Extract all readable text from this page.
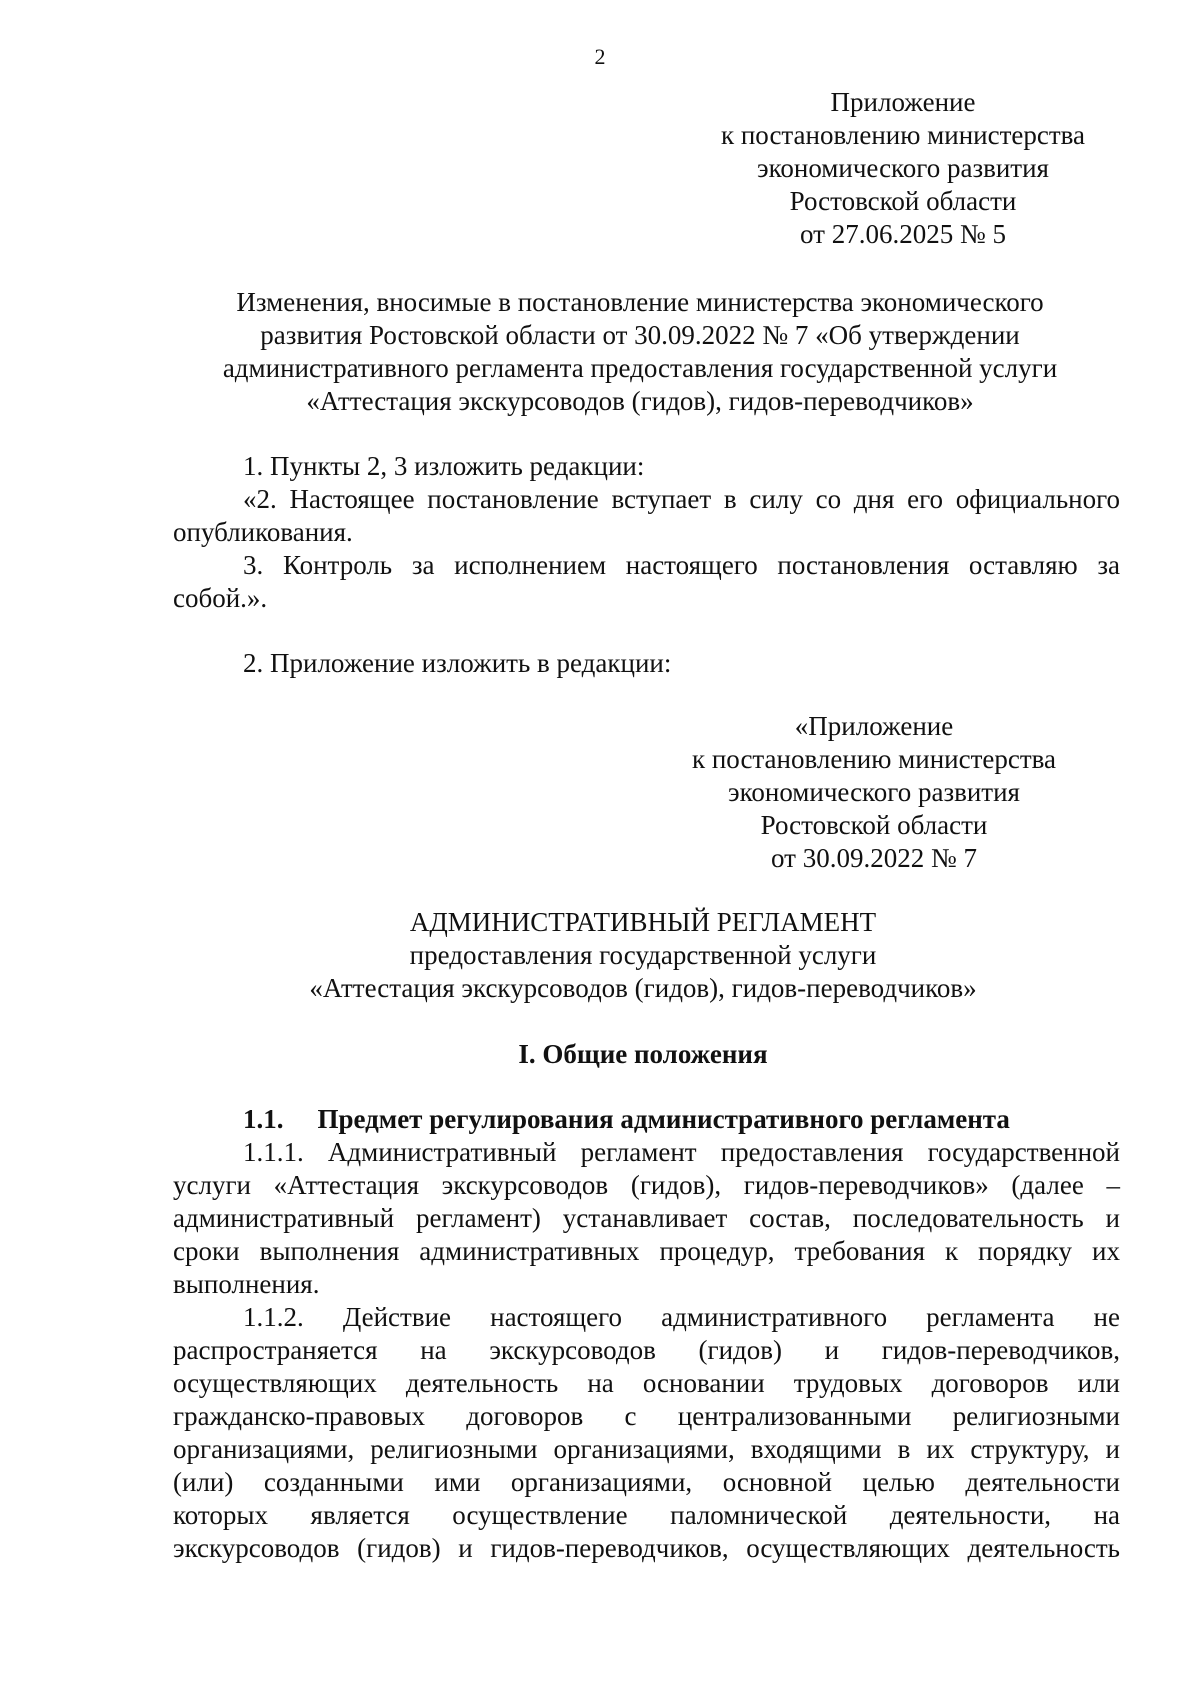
2
Приложение
к постановлению министерства
экономического развития
Ростовской области
от 27.06.2025 № 5
Изменения, вносимые в постановление министерства экономического
развития Ростовской области от 30.09.2022 № 7 «Об утверждении
административного регламента предоставления государственной услуги
«Аттестация экскурсоводов (гидов), гидов-переводчиков»
1. Пункты 2, 3 изложить редакции:
«2. Настоящее постановление вступает в силу со дня его официального
опубликования.
3. Контроль за исполнением настоящего постановления оставляю за
собой.».
2. Приложение изложить в редакции:
«Приложение
к постановлению министерства
экономического развития
Ростовской области
от 30.09.2022 № 7
АДМИНИСТРАТИВНЫЙ РЕГЛАМЕНТ
предоставления государственной услуги
«Аттестация экскурсоводов (гидов), гидов-переводчиков»
I. Общие положения
1.1. Предмет регулирования административного регламента
1.1.1. Административный регламент предоставления государственной
услуги «Аттестация экскурсоводов (гидов), гидов-переводчиков» (далее –
административный регламент) устанавливает состав, последовательность и
сроки выполнения административных процедур, требования к порядку их
выполнения.
1.1.2. Действие настоящего административного регламента не
распространяется на экскурсоводов (гидов) и гидов-переводчиков,
осуществляющих деятельность на основании трудовых договоров или
гражданско-правовых договоров с централизованными религиозными
организациями, религиозными организациями, входящими в их структуру, и
(или) созданными ими организациями, основной целью деятельности
которых является осуществление паломнической деятельности, на
экскурсоводов (гидов) и гидов-переводчиков, осуществляющих деятельность
